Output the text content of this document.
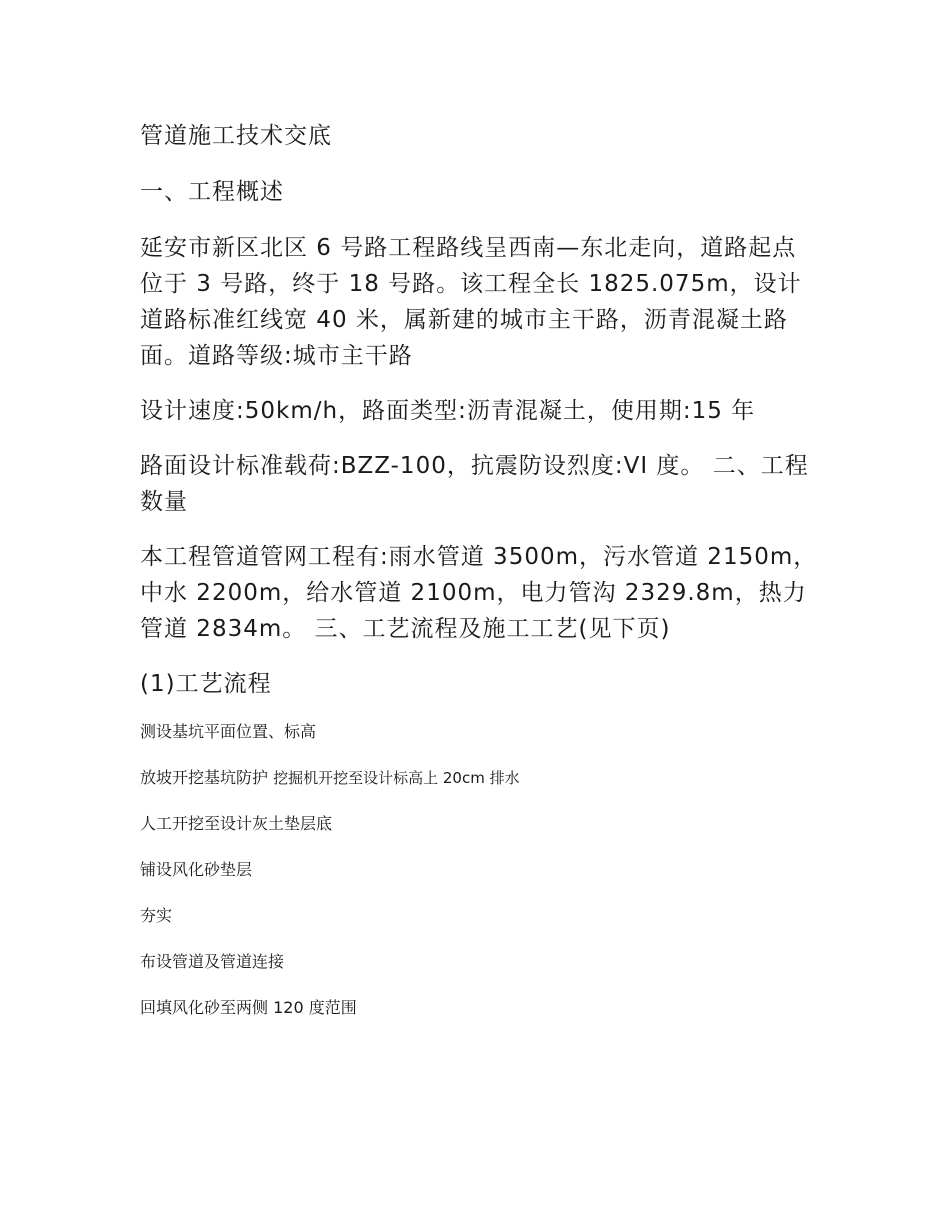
管道施工技术交底
一、工程概述
延安市新区北区 6 号路工程路线呈西南—东北走向，道路起点位于 3 号路，终于 18 号路。该工程全长 1825.075m，设计道路标准红线宽 40 米，属新建的城市主干路，沥青混凝土路面。道路等级:城市主干路
设计速度:50km/h，路面类型:沥青混凝土，使用期:15 年
路面设计标准载荷:BZZ-100，抗震防设烈度:VI 度。 二、工程数量
本工程管道管网工程有:雨水管道 3500m，污水管道 2150m，中水 2200m，给水管道 2100m，电力管沟 2329.8m，热力管道 2834m。 三、工艺流程及施工工艺(见下页)
(1)工艺流程
测设基坑平面位置、标高
放坡开挖基坑防护 挖掘机开挖至设计标高上 20cm 排水
人工开挖至设计灰土垫层底
铺设风化砂垫层
夯实
布设管道及管道连接
回填风化砂至两侧 120 度范围
